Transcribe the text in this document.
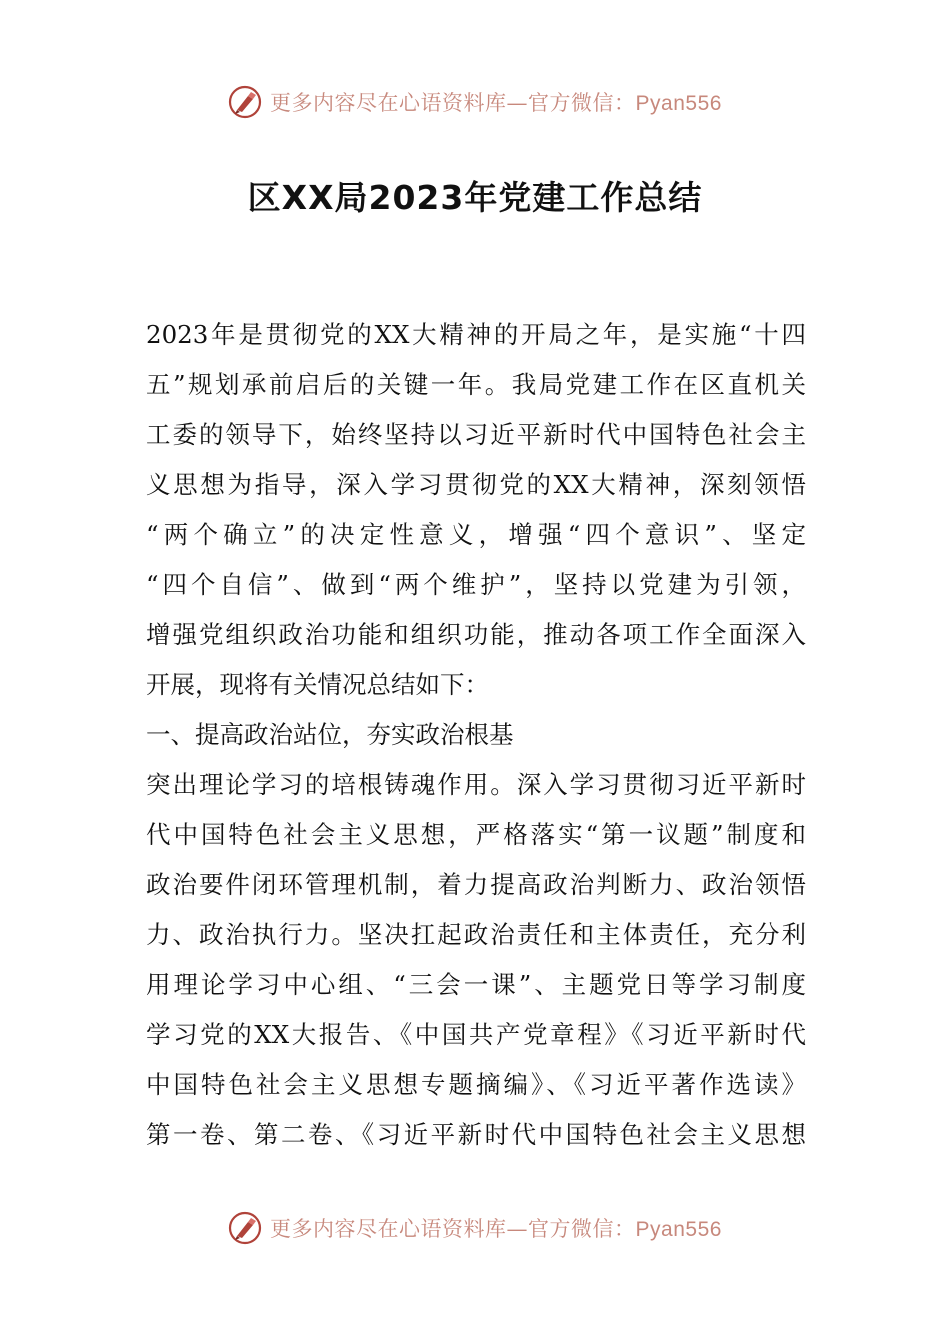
更多内容尽在心语资料库—官方微信：Pyan556
区XX局2023年党建工作总结
2023年是贯彻党的XX大精神的开局之年，是实施“十四
五”规划承前启后的关键一年。我局党建工作在区直机关
工委的领导下，始终坚持以习近平新时代中国特色社会主
义思想为指导，深入学习贯彻党的XX大精神，深刻领悟
“两个确立”的决定性意义，增强“四个意识”、坚定
“四个自信”、做到“两个维护”，坚持以党建为引领，
增强党组织政治功能和组织功能，推动各项工作全面深入
开展，现将有关情况总结如下：
一、提高政治站位，夯实政治根基
突出理论学习的培根铸魂作用。深入学习贯彻习近平新时
代中国特色社会主义思想，严格落实“第一议题”制度和
政治要件闭环管理机制，着力提高政治判断力、政治领悟
力、政治执行力。坚决扛起政治责任和主体责任，充分利
用理论学习中心组、“三会一课”、主题党日等学习制度
学习党的XX大报告、《中国共产党章程》《习近平新时代
中国特色社会主义思想专题摘编》、《习近平著作选读》
第一卷、第二卷、《习近平新时代中国特色社会主义思想
更多内容尽在心语资料库—官方微信：Pyan556
